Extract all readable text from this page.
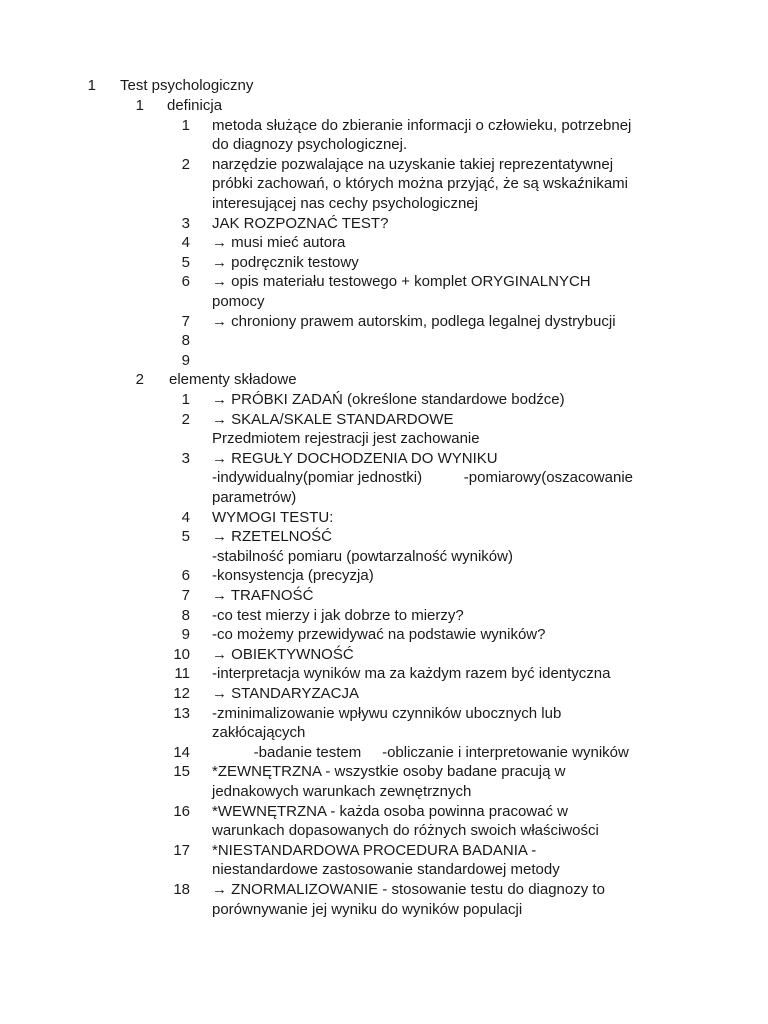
1 Test psychologiczny
1 definicja
1 metoda służące do zbieranie informacji o człowieku, potrzebnej
do diagnozy psychologicznej.
2 narzędzie pozwalające na uzyskanie takiej reprezentatywnej
próbki zachowań, o których można przyjąć, że są wskaźnikami
interesującej nas cechy psychologicznej
3 JAK ROZPOZNAĆ TEST?
4 → musi mieć autora
5 → podręcznik testowy
6 → opis materiału testowego + komplet ORYGINALNYCH
pomocy
7 → chroniony prawem autorskim, podlega legalnej dystrybucji
8
9
2 elementy składowe
1 → PRÓBKI ZADAŃ (określone standardowe bodźce)
2 → SKALA/SKALE STANDARDOWE
Przedmiotem rejestracji jest zachowanie
3 → REGUŁY DOCHODZENIA DO WYNIKU
-indywidualny(pomiar jednostki)          -pomiarowy(oszacowanie
parametrów)
4 WYMOGI TESTU:
5 → RZETELNOŚĆ
-stabilność pomiaru (powtarzalność wyników)
6 -konsystencja (precyzja)
7 → TRAFNOŚĆ
8 -co test mierzy i jak dobrze to mierzy?
9 -co możemy przewidywać na podstawie wyników?
10 → OBIEKTYWNOŚĆ
11 -interpretacja wyników ma za każdym razem być identyczna
12 → STANDARYZACJA
13 -zminimalizowanie wpływu czynników ubocznych lub
zakłócających
14 -badanie testem     -obliczanie i interpretowanie wyników
15 *ZEWNĘTRZNA - wszystkie osoby badane pracują w
jednakowych warunkach zewnętrznych
16 *WEWNĘTRZNA - każda osoba powinna pracować w
warunkach dopasowanych do różnych swoich właściwości
17 *NIESTANDARDOWA PROCEDURA BADANIA -
niestandardowe zastosowanie standardowej metody
18 → ZNORMALIZOWANIE - stosowanie testu do diagnozy to
porównywanie jej wyniku do wyników populacji
